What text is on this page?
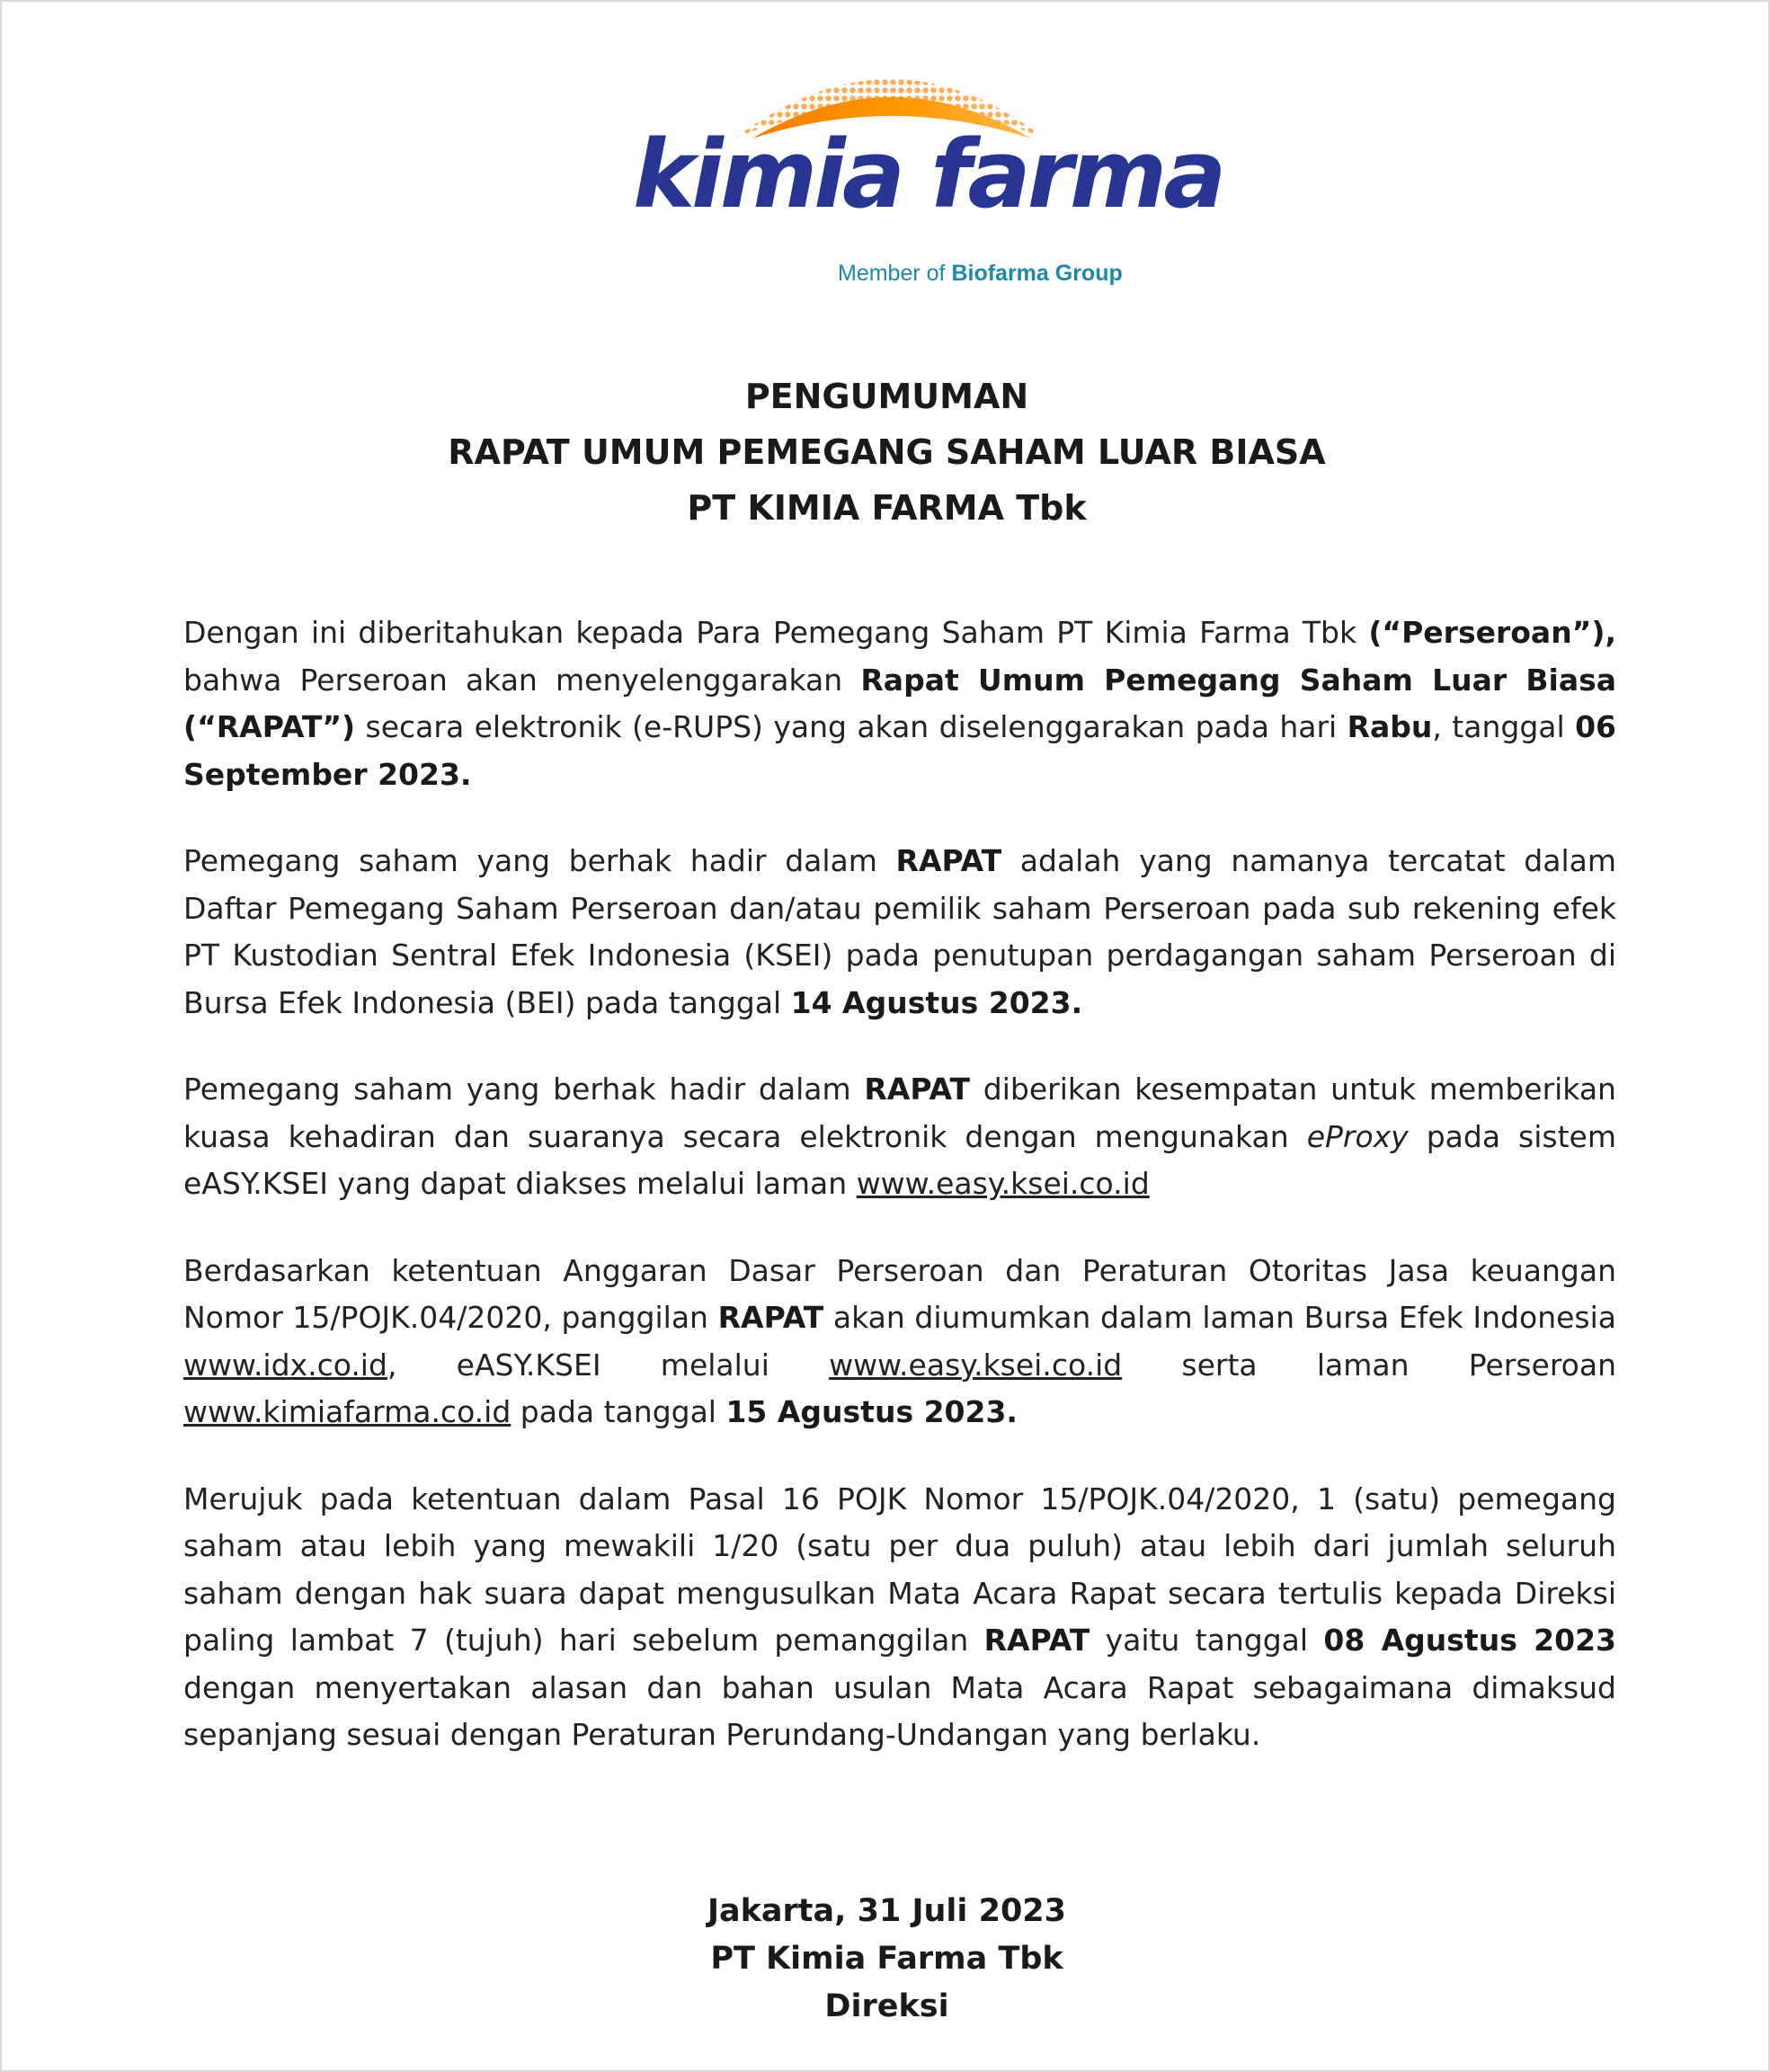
kimia farma
Member of Biofarma Group
PENGUMUMAN
RAPAT UMUM PEMEGANG SAHAM LUAR BIASA
PT KIMIA FARMA Tbk

Dengan ini diberitahukan kepada Para Pemegang Saham PT Kimia Farma Tbk (“Perseroan”), bahwa Perseroan akan menyelenggarakan Rapat Umum Pemegang Saham Luar Biasa (“RAPAT”) secara elektronik (e-RUPS) yang akan diselenggarakan pada hari Rabu, tanggal 06 September 2023.

Pemegang saham yang berhak hadir dalam RAPAT adalah yang namanya tercatat dalam Daftar Pemegang Saham Perseroan dan/atau pemilik saham Perseroan pada sub rekening efek PT Kustodian Sentral Efek Indonesia (KSEI) pada penutupan perdagangan saham Perseroan di Bursa Efek Indonesia (BEI) pada tanggal 14 Agustus 2023.

Pemegang saham yang berhak hadir dalam RAPAT diberikan kesempatan untuk memberikan kuasa kehadiran dan suaranya secara elektronik dengan mengunakan eProxy pada sistem eASY.KSEI yang dapat diakses melalui laman www.easy.ksei.co.id

Berdasarkan ketentuan Anggaran Dasar Perseroan dan Peraturan Otoritas Jasa keuangan Nomor 15/POJK.04/2020, panggilan RAPAT akan diumumkan dalam laman Bursa Efek Indonesia www.idx.co.id, eASY.KSEI melalui www.easy.ksei.co.id serta laman Perseroan www.kimiafarma.co.id pada tanggal 15 Agustus 2023.

Merujuk pada ketentuan dalam Pasal 16 POJK Nomor 15/POJK.04/2020, 1 (satu) pemegang saham atau lebih yang mewakili 1/20 (satu per dua puluh) atau lebih dari jumlah seluruh saham dengan hak suara dapat mengusulkan Mata Acara Rapat secara tertulis kepada Direksi paling lambat 7 (tujuh) hari sebelum pemanggilan RAPAT yaitu tanggal 08 Agustus 2023 dengan menyertakan alasan dan bahan usulan Mata Acara Rapat sebagaimana dimaksud sepanjang sesuai dengan Peraturan Perundang-Undangan yang berlaku.

Jakarta, 31 Juli 2023
PT Kimia Farma Tbk
Direksi
